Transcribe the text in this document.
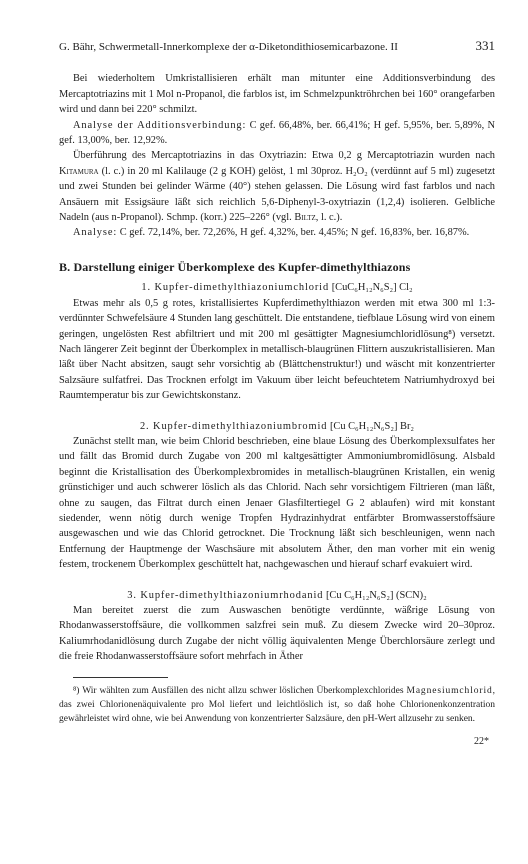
G. Bähr, Schwermetall-Innerkomplexe der α-Diketondithiosemicarbazone. II	331

Bei wiederholtem Umkristallisieren erhält man mitunter eine Additionsverbindung des Mercaptotriazins mit 1 Mol n-Propanol, die farblos ist, im Schmelzpunktröhrchen bei 160° orangefarben wird und dann bei 220° schmilzt.

Analyse der Additionsverbindung: C gef. 66,48%, ber. 66,41%; H gef. 5,95%, ber. 5,89%, N gef. 13,00%, ber. 12,92%.

Überführung des Mercaptotriazins in das Oxytriazin: Etwa 0,2 g Mercaptotriazin wurden nach Kitamura (l. c.) in 20 ml Kalilauge (2 g KOH) gelöst, 1 ml 30proz. H₂O₂ (verdünnt auf 5 ml) zugesetzt und zwei Stunden bei gelinder Wärme (40°) stehen gelassen. Die Lösung wird fast farblos und nach Ansäuern mit Essigsäure läßt sich reichlich 5,6-Diphenyl-3-oxytriazin (1,2,4) isolieren. Gelbliche Nadeln (aus n-Propanol). Schmp. (korr.) 225–226° (vgl. Biltz, l. c.).

Analyse: C gef. 72,14%, ber. 72,26%, H gef. 4,32%, ber. 4,45%; N gef. 16,83%, ber. 16,87%.

B. Darstellung einiger Überkomplexe des Kupfer-dimethylthiazons

1. Kupfer-dimethylthiazoniumchlorid [CuC₆H₁₂N₆S₂] Cl₂

Etwas mehr als 0,5 g rotes, kristallisiertes Kupferdimethylthiazon werden mit etwa 300 ml 1:3-verdünnter Schwefelsäure 4 Stunden lang geschüttelt. Die entstandene, tiefblaue Lösung wird von einem geringen, ungelösten Rest abfiltriert und mit 200 ml gesättigter Magnesiumchloridlösung⁸) versetzt. Nach längerer Zeit beginnt der Überkomplex in metallisch-blaugrünen Flittern auszukristallisieren. Man läßt über Nacht absitzen, saugt sehr vorsichtig ab (Blättchenstruktur!) und wäscht mit konzentrierter Salzsäure sulfatfrei. Das Trocknen erfolgt im Vakuum über leicht befeuchtetem Natriumhydroxyd bei Raumtemperatur bis zur Gewichtskonstanz.

2. Kupfer-dimethylthiazoniumbromid [Cu C₆H₁₂N₆S₂] Br₂

Zunächst stellt man, wie beim Chlorid beschrieben, eine blaue Lösung des Überkomplexsulfates her und fällt das Bromid durch Zugabe von 200 ml kaltgesättigter Ammoniumbromidlösung. Alsbald beginnt die Kristallisation des Überkomplexbromides in metallisch-blaugrünen Kristallen, ein wenig grünstichiger und auch schwerer löslich als das Chlorid. Nach sehr vorsichtigem Filtrieren (man läßt, ohne zu saugen, das Filtrat durch einen Jenaer Glasfiltertiegel G 2 ablaufen) wird mit konstant siedender, wenn nötig durch wenige Tropfen Hydrazinhydrat entfärbter Bromwasserstoffsäure ausgewaschen und wie das Chlorid getrocknet. Die Trocknung läßt sich beschleunigen, wenn nach Entfernung der Hauptmenge der Waschsäure mit absolutem Äther, den man vorher mit ein wenig festem, trockenem Überkomplex geschüttelt hat, nachgewaschen und hierauf scharf evakuiert wird.

3. Kupfer-dimethylthiazoniumrhodanid [Cu C₆H₁₂N₆S₂] (SCN)₂

Man bereitet zuerst die zum Auswaschen benötigte verdünnte, wäßrige Lösung von Rhodanwasserstoffsäure, die vollkommen salzfrei sein muß. Zu diesem Zwecke wird 20–30proz. Kaliumrhodanidlösung durch Zugabe der nicht völlig äquivalenten Menge Überchlorsäure zerlegt und die freie Rhodanwasserstoffsäure sofort mehrfach in Äther

⁸) Wir wählten zum Ausfällen des nicht allzu schwer löslichen Überkomplexchlorides Magnesiumchlorid, das zwei Chlorionenäquivalente pro Mol liefert und leichtlöslich ist, so daß hohe Chlorionenkonzentration gewährleistet wird ohne, wie bei Anwendung von konzentrierter Salzsäure, den pH-Wert allzusehr zu senken.

22*
